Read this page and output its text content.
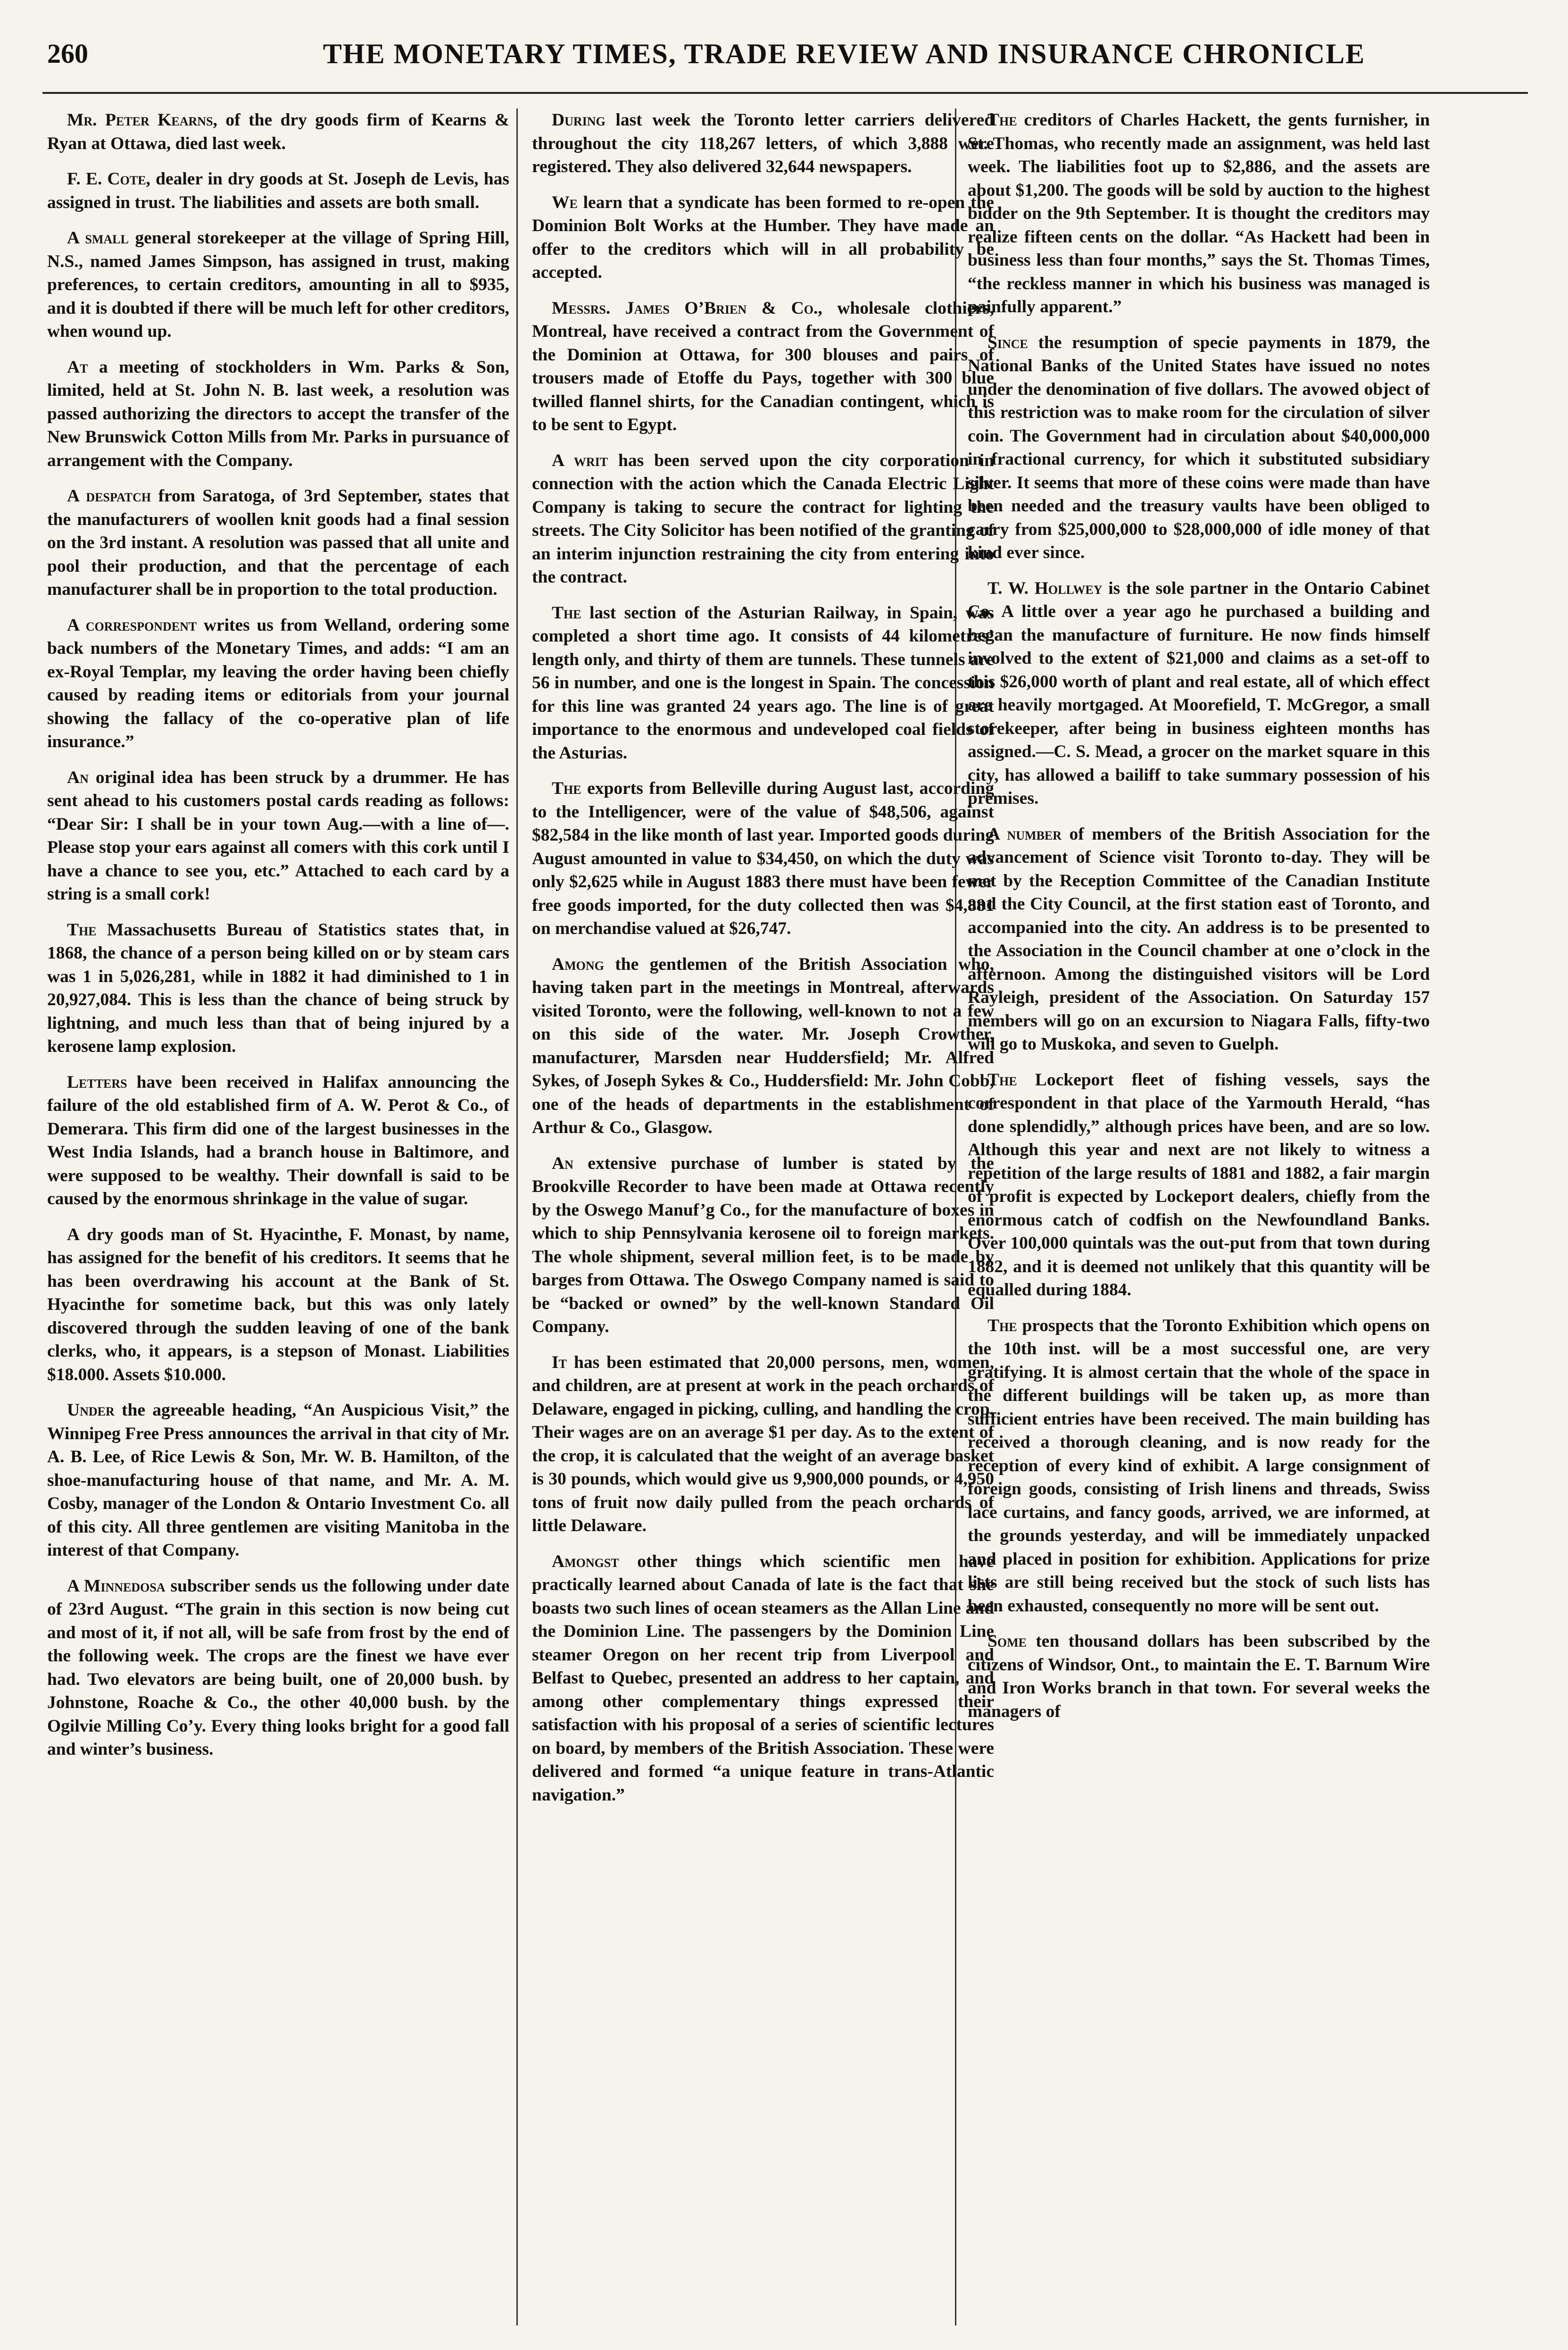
260	THE MONETARY TIMES, TRADE REVIEW AND INSURANCE CHRONICLE

Mr. Peter Kearns, of the dry goods firm of Kearns & Ryan at Ottawa, died last week.

F. E. Cote, dealer in dry goods at St. Joseph de Levis, has assigned in trust. The liabilities and assets are both small.

A small general storekeeper at the village of Spring Hill, N.S., named James Simpson, has assigned in trust, making preferences, to certain creditors, amounting in all to $935, and it is doubted if there will be much left for other creditors, when wound up.

At a meeting of stockholders in Wm. Parks & Son, limited, held at St. John N. B. last week, a resolution was passed authorizing the directors to accept the transfer of the New Brunswick Cotton Mills from Mr. Parks in pursuance of arrangement with the Company.

A despatch from Saratoga, of 3rd September, states that the manufacturers of woollen knit goods had a final session on the 3rd instant. A resolution was passed that all unite and pool their production, and that the percentage of each manufacturer shall be in proportion to the total production.

A correspondent writes us from Welland, ordering some back numbers of the Monetary Times, and adds: “I am an ex-Royal Templar, my leaving the order having been chiefly caused by reading items or editorials from your journal showing the fallacy of the co-operative plan of life insurance.”

An original idea has been struck by a drummer. He has sent ahead to his customers postal cards reading as follows: “Dear Sir: I shall be in your town Aug.—with a line of—. Please stop your ears against all comers with this cork until I have a chance to see you, etc.” Attached to each card by a string is a small cork!

The Massachusetts Bureau of Statistics states that, in 1868, the chance of a person being killed on or by steam cars was 1 in 5,026,281, while in 1882 it had diminished to 1 in 20,927,084. This is less than the chance of being struck by lightning, and much less than that of being injured by a kerosene lamp explosion.

Letters have been received in Halifax announcing the failure of the old established firm of A. W. Perot & Co., of Demerara. This firm did one of the largest businesses in the West India Islands, had a branch house in Baltimore, and were supposed to be wealthy. Their downfall is said to be caused by the enormous shrinkage in the value of sugar.

A dry goods man of St. Hyacinthe, F. Monast, by name, has assigned for the benefit of his creditors. It seems that he has been overdrawing his account at the Bank of St. Hyacinthe for sometime back, but this was only lately discovered through the sudden leaving of one of the bank clerks, who, it appears, is a stepson of Monast. Liabilities $18.000. Assets $10.000.

Under the agreeable heading, “An Auspicious Visit,” the Winnipeg Free Press announces the arrival in that city of Mr. A. B. Lee, of Rice Lewis & Son, Mr. W. B. Hamilton, of the shoe-manufacturing house of that name, and Mr. A. M. Cosby, manager of the London & Ontario Investment Co. all of this city. All three gentlemen are visiting Manitoba in the interest of that Company.

A Minnedosa subscriber sends us the following under date of 23rd August. “The grain in this section is now being cut and most of it, if not all, will be safe from frost by the end of the following week. The crops are the finest we have ever had. Two elevators are being built, one of 20,000 bush. by Johnstone, Roache & Co., the other 40,000 bush. by the Ogilvie Milling Co’y. Every thing looks bright for a good fall and winter’s business.

During last week the Toronto letter carriers delivered throughout the city 118,267 letters, of which 3,888 were registered. They also delivered 32,644 newspapers.

We learn that a syndicate has been formed to re-open the Dominion Bolt Works at the Humber. They have made an offer to the creditors which will in all probability be accepted.

Messrs. James O’Brien & Co., wholesale clothiers, Montreal, have received a contract from the Government of the Dominion at Ottawa, for 300 blouses and pairs of trousers made of Etoffe du Pays, together with 300 blue twilled flannel shirts, for the Canadian contingent, which is to be sent to Egypt.

A writ has been served upon the city corporation in connection with the action which the Canada Electric Light Company is taking to secure the contract for lighting the streets. The City Solicitor has been notified of the granting of an interim injunction restraining the city from entering into the contract.

The last section of the Asturian Railway, in Spain, was completed a short time ago. It consists of 44 kilometres’ length only, and thirty of them are tunnels. These tunnels are 56 in number, and one is the longest in Spain. The concession for this line was granted 24 years ago. The line is of great importance to the enormous and undeveloped coal fields of the Asturias.

The exports from Belleville during August last, according to the Intelligencer, were of the value of $48,506, against $82,584 in the like month of last year. Imported goods during August amounted in value to $34,450, on which the duty was only $2,625 while in August 1883 there must have been fewer free goods imported, for the duty collected then was $4,881 on merchandise valued at $26,747.

Among the gentlemen of the British Association who, having taken part in the meetings in Montreal, afterwards visited Toronto, were the following, well-known to not a few on this side of the water. Mr. Joseph Crowther, manufacturer, Marsden near Huddersfield; Mr. Alfred Sykes, of Joseph Sykes & Co., Huddersfield: Mr. John Cobb, one of the heads of departments in the establishment of Arthur & Co., Glasgow.

An extensive purchase of lumber is stated by the Brookville Recorder to have been made at Ottawa recently by the Oswego Manuf’g Co., for the manufacture of boxes in which to ship Pennsylvania kerosene oil to foreign markets. The whole shipment, several million feet, is to be made by barges from Ottawa. The Oswego Company named is said to be “backed or owned” by the well-known Standard Oil Company.

It has been estimated that 20,000 persons, men, women, and children, are at present at work in the peach orchards of Delaware, engaged in picking, culling, and handling the crop. Their wages are on an average $1 per day. As to the extent of the crop, it is calculated that the weight of an average basket is 30 pounds, which would give us 9,900,000 pounds, or 4,950 tons of fruit now daily pulled from the peach orchards of little Delaware.

Amongst other things which scientific men have practically learned about Canada of late is the fact that she boasts two such lines of ocean steamers as the Allan Line and the Dominion Line. The passengers by the Dominion Line steamer Oregon on her recent trip from Liverpool and Belfast to Quebec, presented an address to her captain, and among other complementary things expressed their satisfaction with his proposal of a series of scientific lectures on board, by members of the British Association. These were delivered and formed “a unique feature in trans-Atlantic navigation.”

The creditors of Charles Hackett, the gents furnisher, in St. Thomas, who recently made an assignment, was held last week. The liabilities foot up to $2,886, and the assets are about $1,200. The goods will be sold by auction to the highest bidder on the 9th September. It is thought the creditors may realize fifteen cents on the dollar. “As Hackett had been in business less than four months,” says the St. Thomas Times, “the reckless manner in which his business was managed is painfully apparent.”

Since the resumption of specie payments in 1879, the National Banks of the United States have issued no notes under the denomination of five dollars. The avowed object of this restriction was to make room for the circulation of silver coin. The Government had in circulation about $40,000,000 in fractional currency, for which it substituted subsidiary silver. It seems that more of these coins were made than have been needed and the treasury vaults have been obliged to carry from $25,000,000 to $28,000,000 of idle money of that kind ever since.

T. W. Hollwey is the sole partner in the Ontario Cabinet Co. A little over a year ago he purchased a building and began the manufacture of furniture. He now finds himself involved to the extent of $21,000 and claims as a set-off to this $26,000 worth of plant and real estate, all of which effect are heavily mortgaged. At Moorefield, T. McGregor, a small storekeeper, after being in business eighteen months has assigned.—C. S. Mead, a grocer on the market square in this city, has allowed a bailiff to take summary possession of his premises.

A number of members of the British Association for the advancement of Science visit Toronto to-day. They will be met by the Reception Committee of the Canadian Institute and the City Council, at the first station east of Toronto, and accompanied into the city. An address is to be presented to the Association in the Council chamber at one o’clock in the afternoon. Among the distinguished visitors will be Lord Rayleigh, president of the Association. On Saturday 157 members will go on an excursion to Niagara Falls, fifty-two will go to Muskoka, and seven to Guelph.

The Lockeport fleet of fishing vessels, says the correspondent in that place of the Yarmouth Herald, “has done splendidly,” although prices have been, and are so low. Although this year and next are not likely to witness a repetition of the large results of 1881 and 1882, a fair margin of profit is expected by Lockeport dealers, chiefly from the enormous catch of codfish on the Newfoundland Banks. Over 100,000 quintals was the out-put from that town during 1882, and it is deemed not unlikely that this quantity will be equalled during 1884.

The prospects that the Toronto Exhibition which opens on the 10th inst. will be a most successful one, are very gratifying. It is almost certain that the whole of the space in the different buildings will be taken up, as more than sufficient entries have been received. The main building has received a thorough cleaning, and is now ready for the reception of every kind of exhibit. A large consignment of foreign goods, consisting of Irish linens and threads, Swiss lace curtains, and fancy goods, arrived, we are informed, at the grounds yesterday, and will be immediately unpacked and placed in position for exhibition. Applications for prize lists are still being received but the stock of such lists has been exhausted, consequently no more will be sent out.

Some ten thousand dollars has been subscribed by the citizens of Windsor, Ont., to maintain the E. T. Barnum Wire and Iron Works branch in that town. For several weeks the managers of
